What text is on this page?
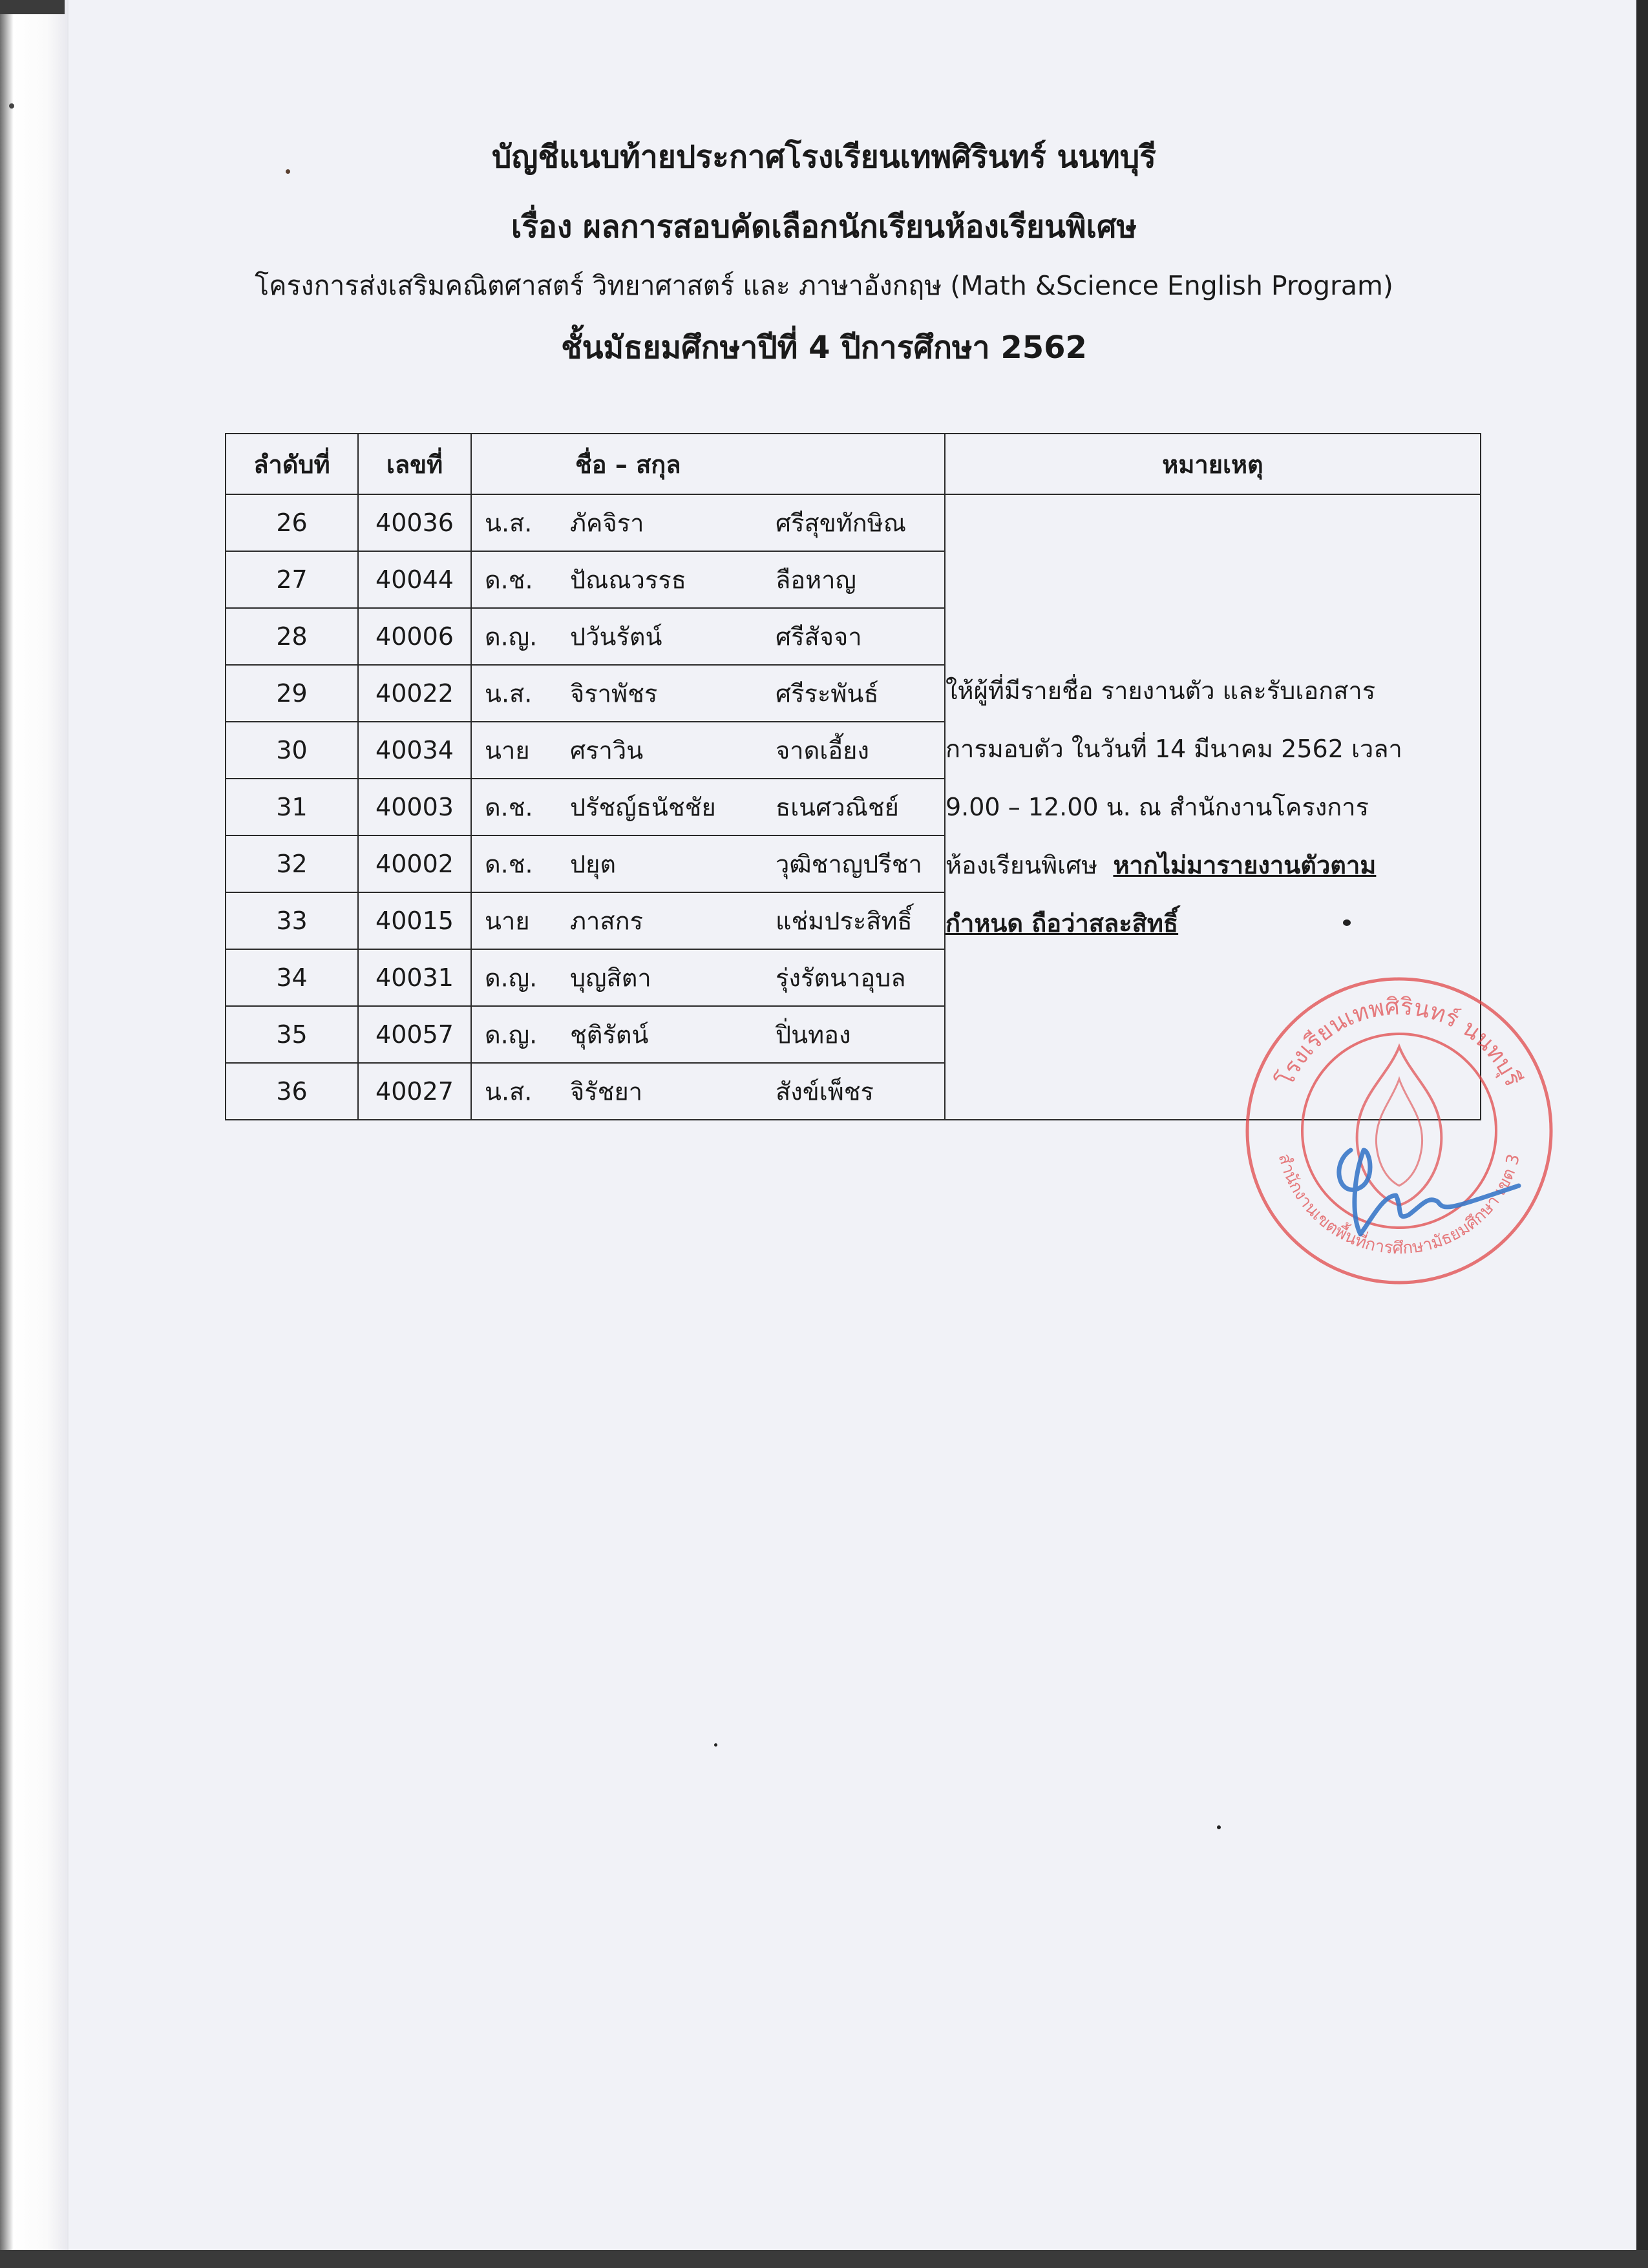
บัญชีแนบท้ายประกาศโรงเรียนเทพศิรินทร์ นนทบุรี
เรื่อง ผลการสอบคัดเลือกนักเรียนห้องเรียนพิเศษ
โครงการส่งเสริมคณิตศาสตร์ วิทยาศาสตร์ และ ภาษาอังกฤษ (Math &Science English Program)
ชั้นมัธยมศึกษาปีที่ 4 ปีการศึกษา 2562
ลำดับที่	เลขที่	ชื่อ – สกุล	หมายเหตุ
26	40036	น.ส. ภัคจิรา ศรีสุขทักษิณ	ให้ผู้ที่มีรายชื่อ รายงานตัว และรับเอกสาร
การมอบตัว ในวันที่ 14 มีนาคม 2562 เวลา
9.00 – 12.00 น. ณ สำนักงานโครงการ
ห้องเรียนพิเศษ  หากไม่มารายงานตัวตาม
กำหนด ถือว่าสละสิทธิ์

27	40044	ด.ช. ปัณณวรรธ ลือหาญ	

28	40006	ด.ญ. ปวันรัตน์ ศรีสัจจา	

29	40022	น.ส. จิราพัชร ศรีระพันธ์	

30	40034	นาย ศราวิน จาดเอี้ยง	

31	40003	ด.ช. ปรัชญ์ธนัชชัย ธเนศวณิชย์	

32	40002	ด.ช. ปยุต วุฒิชาญปรีชา	

33	40015	นาย ภาสกร แช่มประสิทธิ์	

34	40031	ด.ญ. บุญสิตา รุ่งรัตนาอุบล	

35	40057	ด.ญ. ชุติรัตน์ ปิ่นทอง	

36	40027	น.ส. จิรัชยา สังข์เพ็ชร		โรงเรียนเทพศิรินทร์ นนทบุรี
สำนักงานเขตพื้นที่การศึกษามัธยมศึกษา เขต 3
